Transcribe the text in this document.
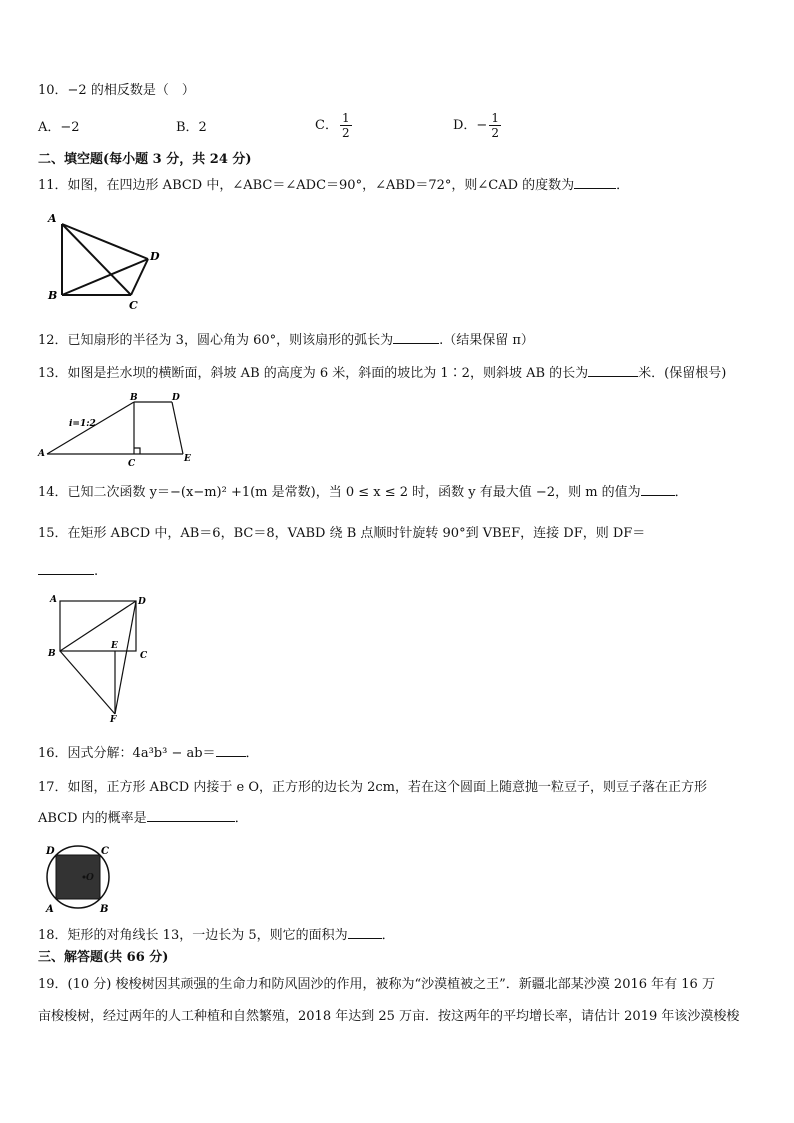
10．−2 的相反数是（　）
A．−2	B．2	C． $\frac{1}{2}$	D．− $\frac{1}{2}$
二、填空题(每小题 3 分，共 24 分)
11．如图，在四边形 ABCD 中，∠ABC＝∠ADC＝90°，∠ABD＝72°，则∠CAD 的度数为	．
A
D
B
C
12．已知扇形的半径为 3，圆心角为 60°，则该扇形的弧长为	.（结果保留 π）
13．如图是拦水坝的横断面，斜坡 AB 的高度为 6 米，斜面的坡比为 1∶2，则斜坡 AB 的长为	米．(保留根号)
B	D
i=1:2
A
C	E
14．已知二次函数 y＝−(x−m)² +1(m 是常数)，当 0 ≤ x ≤ 2 时，函数 y 有最大值 −2，则 m 的值为	．
15．在矩形 ABCD 中，AB＝6，BC＝8，VABD 绕 B 点顺时针旋转 90°到 VBEF，连接 DF，则 DF＝
.
A	D
B
E
C
F
16．因式分解：4a³b³ − ab＝ ．
17．如图，正方形 ABCD 内接于 e O，正方形的边长为 2cm，若在这个圆面上随意抛一粒豆子，则豆子落在正方形
ABCD 内的概率是	．
D	C
O
A	B
18．矩形的对角线长 13，一边长为 5，则它的面积为	．
三、解答题(共 66 分)
19．(10 分) 梭梭树因其顽强的生命力和防风固沙的作用，被称为“沙漠植被之王”．新疆北部某沙漠 2016 年有 16 万
亩梭梭树，经过两年的人工种植和自然繁殖，2018 年达到 25 万亩．按这两年的平均增长率，请估计 2019 年该沙漠梭梭
